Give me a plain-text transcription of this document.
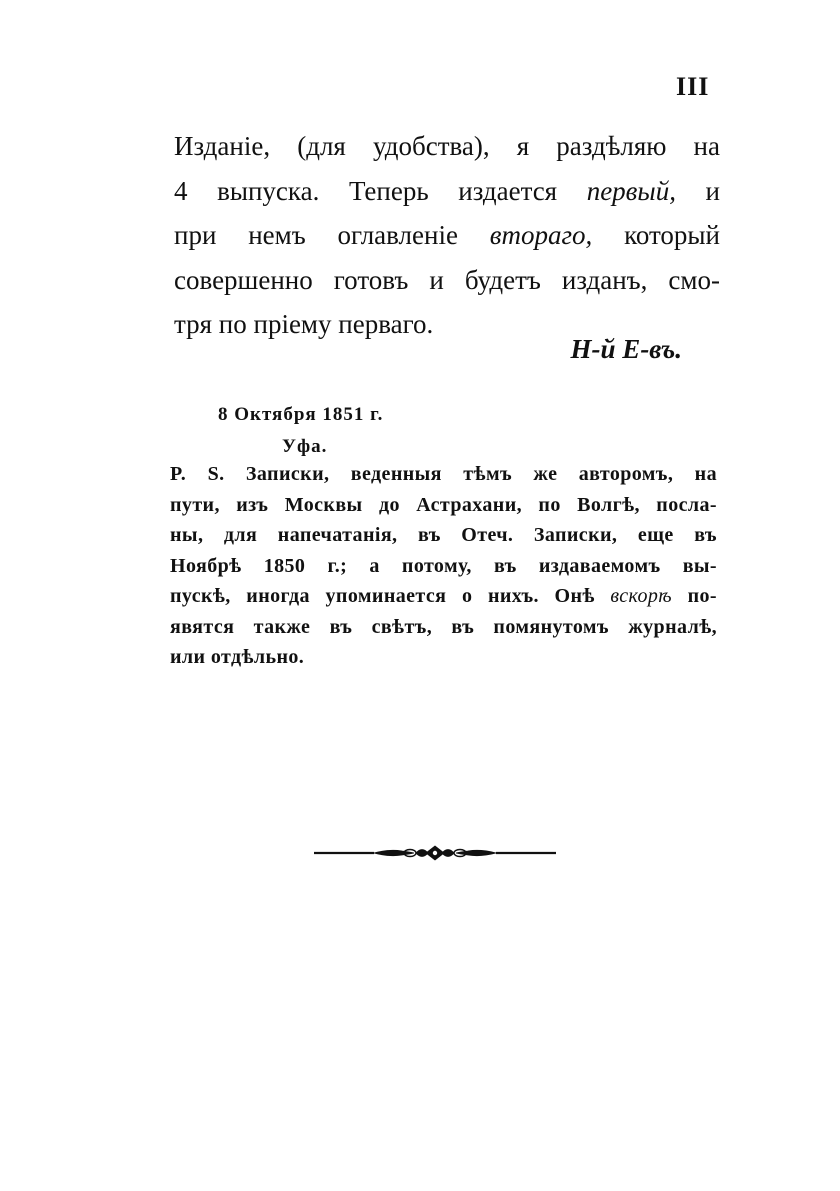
III
Изданіе, (для удобства), я раздѣляю на
4 выпуска. Теперь издается первый, и
при немъ оглавленіе втораго, который
совершенно готовъ и будетъ изданъ, смо-
тря по пріему перваго.
Н-й Е-въ.
8 Октября 1851 г.
Уфа.
P. S. Записки, веденныя тѣмъ же авторомъ, на
пути, изъ Москвы до Астрахани, по Волгѣ, посла-
ны, для напечатанія, въ Отеч. Записки, еще въ
Ноябрѣ 1850 г.; а потому, въ издаваемомъ вы-
пускѣ, иногда упоминается о нихъ. Онѣ вскорѣ по-
явятся также въ свѣтъ, въ помянутомъ журналѣ,
или отдѣльно.
